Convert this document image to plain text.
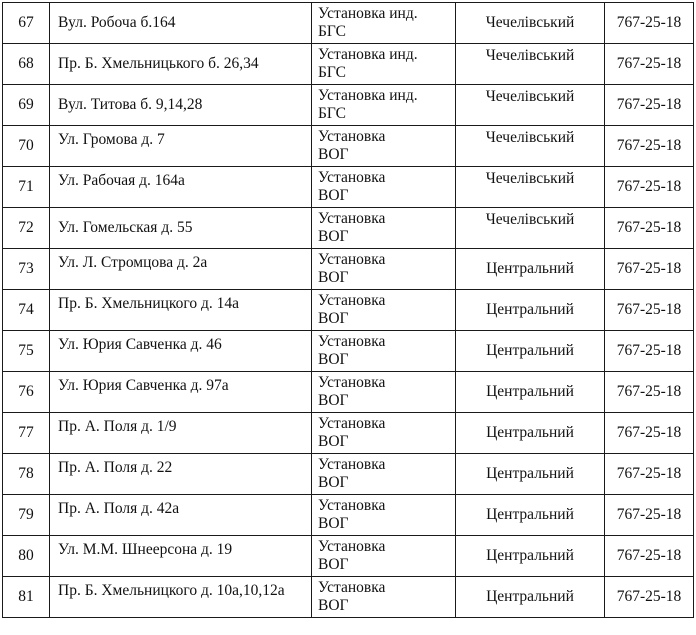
67	Вул. Робоча б.164	Установка инд.
БГС	Чечелівський	767-25-18
68	Пр. Б. Хмельницького б. 26,34	Установка инд.
БГС	Чечелівський	767-25-18
69	Вул. Титова б. 9,14,28	Установка инд.
БГС	Чечелівський	767-25-18
70	Ул. Громова д. 7	Установка
ВОГ	Чечелівський	767-25-18
71	Ул. Рабочая д. 164а	Установка
ВОГ	Чечелівський	767-25-18
72	Ул. Гомельская д. 55	Установка
ВОГ	Чечелівський	767-25-18
73	Ул. Л. Стромцова д. 2а	Установка
ВОГ	Центральний	767-25-18
74	Пр. Б. Хмельницкого д. 14а	Установка
ВОГ	Центральний	767-25-18
75	Ул. Юрия Савченка д. 46	Установка
ВОГ	Центральний	767-25-18
76	Ул. Юрия Савченка д. 97а	Установка
ВОГ	Центральний	767-25-18
77	Пр. А. Поля д. 1/9	Установка
ВОГ	Центральний	767-25-18
78	Пр. А. Поля д. 22	Установка
ВОГ	Центральний	767-25-18
79	Пр. А. Поля д. 42а	Установка
ВОГ	Центральний	767-25-18
80	Ул. М.М. Шнеерсона д. 19	Установка
ВОГ	Центральний	767-25-18
81	Пр. Б. Хмельницкого д. 10а,10,12а	Установка
ВОГ	Центральний	767-25-18
